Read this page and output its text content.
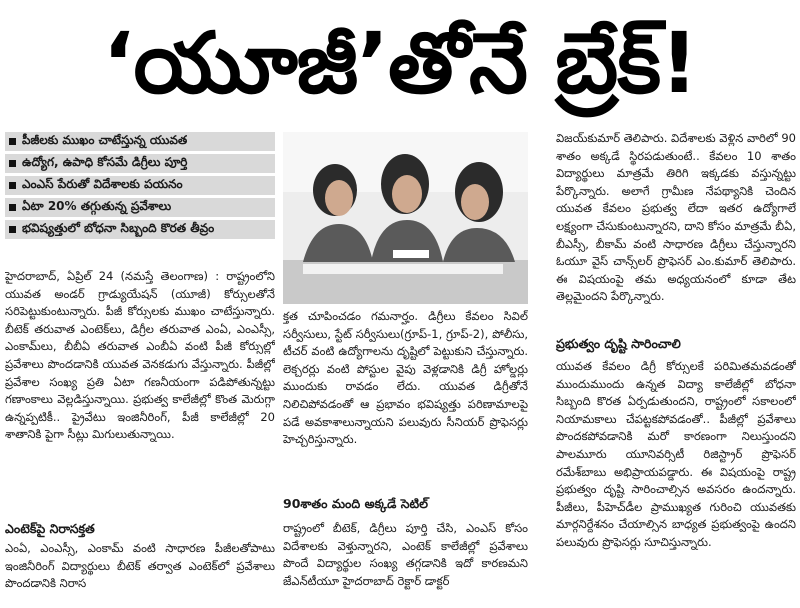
‘యూజీ’తోనే బ్రేక్‌!
పీజీలకు ముఖం చాటేస్తున్న యువత
ఉద్యోగ, ఉపాధి కోసమే డిగ్రీలు పూర్తి
ఎంఎస్‌ పేరుతో విదేశాలకు పయనం
ఏటా 20% తగ్గుతున్న ప్రవేశాలు
భవిష్యత్తులో బోధనా సిబ్బంది కొరత తీవ్రం

హైదరాబాద్‌, ఏప్రిల్‌ 24 (నమస్తే తెలంగాణ) : రాష్ట్రంలోని యువత అండర్‌ గ్రాడ్యుయేషన్‌ (యూజీ) కోర్సులతోనే సరిపెట్టుకుంటున్నారు. పీజీ కోర్సులకు ముఖం చాటేస్తున్నారు. బీటెక్‌ తరువాత ఎంటెక్‌లు, డిగ్రీల తరువాత ఎంఏ, ఎంఎస్సీ, ఎంకామ్‌లు, బీబీఏ తరువాత ఎంబీఏ వంటి పీజీ కోర్సుల్లో ప్రవేశాలు పొందడానికి యువత వెనకడుగు వేస్తున్నారు. పీజీల్లో ప్రవేశాల సంఖ్య ప్రతి ఏటా గణనీయంగా పడిపోతున్నట్టు గణాంకాలు వెల్లడిస్తున్నాయి. ప్రభుత్వ కాలేజీల్లో కొంత మెరుగ్గా ఉన్నప్పటికీ.. ప్రైవేటు ఇంజినీరింగ్‌, పీజీ కాలేజీల్లో 20 శాతానికి పైగా సీట్లు మిగులుతున్నాయి.

ఎంటెక్‌పై నిరాసక్తత

ఎంఏ, ఎంఎస్సీ, ఎంకామ్‌ వంటి సాధారణ పీజీలతోపాటు ఇంజినీరింగ్‌ విద్యార్థులు బీటెక్‌ తర్వాత ఎంటెక్‌లో ప్రవేశాలు పొందడానికి నిరాస

క్తత చూపించడం గమనార్హం. డిగ్రీలు కేవలం సివిల్‌ సర్వీసులు, స్టేట్‌ సర్వీసులు(గ్రూప్‌-1, గ్రూప్‌-2), పోలీసు, టీచర్‌ వంటి ఉద్యోగాలను దృష్టిలో పెట్టుకుని చేస్తున్నారు. లెక్చరర్లు వంటి పోస్టుల వైపు వెళ్లడానికి డిగ్రీ హోల్డర్లు ముందుకు రావడం లేదు. యువత డిగ్రీతోనే నిలిచిపోవడంతో ఆ ప్రభావం భవిష్యత్తు పరిణామాలపై పడే అవకాశాలున్నాయని పలువురు సీనియర్‌ ప్రొఫెసర్లు హెచ్చరిస్తున్నారు.

90శాతం మంది అక్కడే సెటిల్‌

రాష్ట్రంలో బీటెక్‌, డిగ్రీలు పూర్తి చేసి, ఎంఎస్‌ కోసం విదేశాలకు వెళ్తున్నారని, ఎంటెక్‌ కాలేజీల్లో ప్రవేశాలు పొందే విద్యార్థుల సంఖ్య తగ్గడానికి ఇదో కారణమని జేఎన్‌టీయూ హైదరాబాద్‌ రెక్టార్‌ డాక్టర్‌

విజయ్‌కుమార్‌ తెలిపారు. విదేశాలకు వెళ్లిన వారిలో 90 శాతం అక్కడే స్థిరపడుతుంటే.. కేవలం 10 శాతం విద్యార్థులు మాత్రమే తిరిగి ఇక్కడకు వస్తున్నట్టు పేర్కొన్నారు. అలాగే గ్రామీణ నేపథ్యానికి చెందిన యువత కేవలం ప్రభుత్వ లేదా ఇతర ఉద్యోగాలే లక్ష్యంగా చేసుకుంటున్నారని, దాని కోసం మాత్రమే బీఏ, బీఎస్సీ, బీకామ్‌ వంటి సాధారణ డిగ్రీలు చేస్తున్నారని ఓయూ వైస్‌ చాన్స్‌లర్‌ ప్రొఫెసర్‌ ఎం.కుమార్‌ తెలిపారు. ఈ విషయంపై తమ అధ్యయనంలో కూడా తేట తెల్లమైందని పేర్కొన్నారు.

ప్రభుత్వం దృష్టి సారించాలి

యువత కేవలం డిగ్రీ కోర్సులకే పరిమితమవడంతో ముందుముందు ఉన్నత విద్యా కాలేజీల్లో బోధనా సిబ్బంది కొరత ఏర్పడుతుందని, రాష్ట్రంలో సకాలంలో నియామకాలు చేపట్టకపోవడంతో.. పీజీల్లో ప్రవేశాలు పొందకపోవడానికి మరో కారణంగా నిలుస్తుందని పాలమూరు యూనివర్సిటీ రిజిస్ట్రార్‌ ప్రొఫెసర్‌ రమేశ్‌బాబు అభిప్రాయపడ్డారు. ఈ విషయంపై రాష్ట్ర ప్రభుత్వం దృష్టి సారించాల్సిన అవసరం ఉందన్నారు. పీజీలు, పీహెచ్‌డీల ప్రాముఖ్యత గురించి యువతకు మార్గనిర్దేశనం చేయాల్సిన బాధ్యత ప్రభుత్వంపై ఉందని పలువురు ప్రొఫెసర్లు సూచిస్తున్నారు.
